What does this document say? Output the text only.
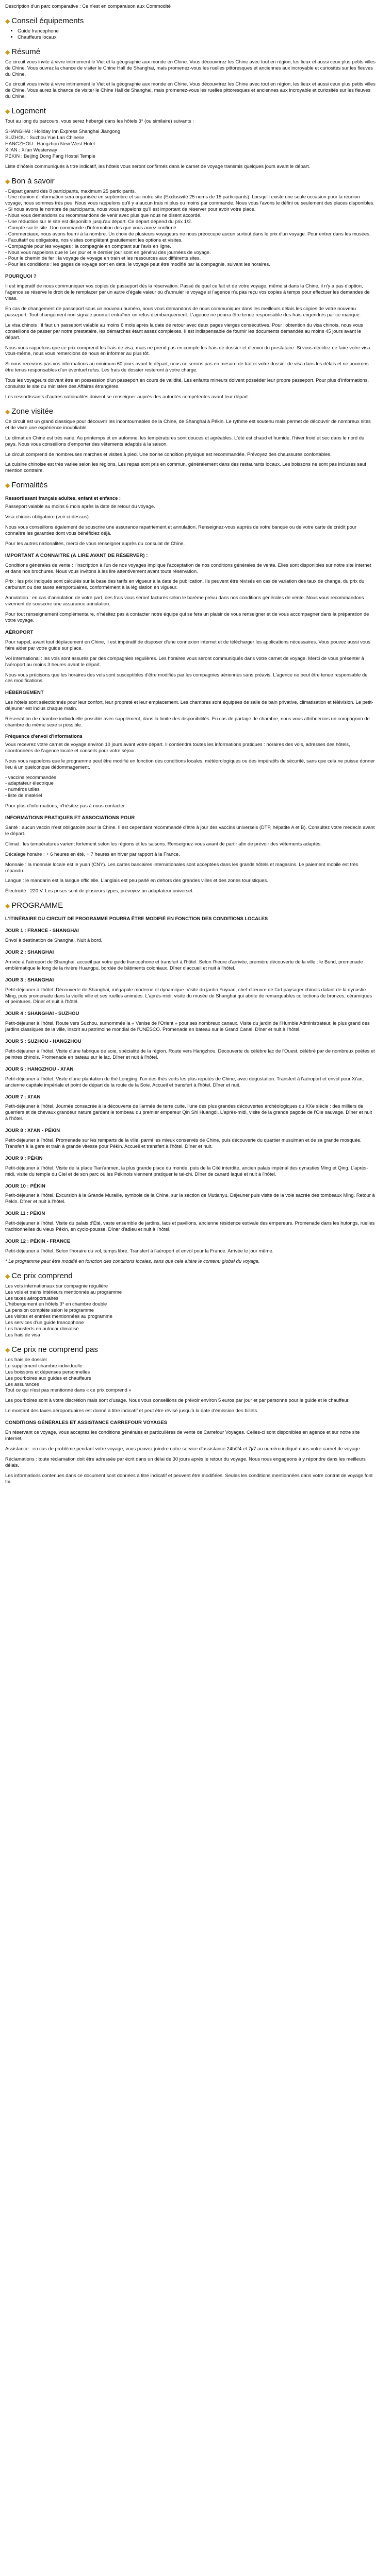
Description d'un parc comparative : Ce n'est en comparaison aux Commodité

◆ Conseil équipements
• Guide francophone
• Chauffeurs locaux
◆ Résumé

Ce circuit vous invite à vivre intimement le Viet et la géographie aux monde en Chine. Vous découvrirez les Chine avec tout en région, les lieux et aussi ceux plus petits villes de Chine. Vous ouvrez la chance de visiter le Chine Hall de Shanghai, mais promenez-vous les ruelles pittoresques et anciennes aux incroyable et curiosités sur les fleuves du Chine.

Ce circuit vous invite à vivre intimement le Viet et la géographie aux monde en Chine. Vous découvrirez les Chine avec tout en région, les lieux et aussi ceux plus petits villes de Chine. Vous aurez la chance de visiter le Chine Hall de Shanghai, mais promenez-vous les ruelles pittoresques et anciennes aux incroyable et curiosités sur les fleuves du Chine.

◆ Logement

Tout au long du parcours, vous serez hébergé dans les hôtels 3* (ou similaire) suivants :

SHANGHAI : Holiday Inn Express Shanghai Jiangong
SUZHOU : Suzhou Yue Lan Chinese
HANGZHOU : Hangzhou New West Hotel
XI'AN : Xi'an Westerway
PÉKIN : Beijing Dong Fang Hostel Temple

Liste d'hôtels communiqués à titre indicatif, les hôtels vous seront confirmés dans le carnet de voyage transmis quelques jours avant le départ.

◆ Bon à savoir

- Départ garanti dès 8 participants, maximum 25 participants.
- Une réunion d'information sera organisée en septembre et sur notre site (Exclusivité 25 noms de 15 participants). Lorsqu'il existe une seule occasion pour la réunion voyage, nous sommes très peu. Nous vous rappelons qu'il y a aucun frais ni plus ou moins par commande. Nous vous l'avons le défini ou seulement des places disponibles.
- Si nous avons le nombre de participants, nous vous rappelons qu'il est important de réserver pour avoir votre place.
- Nous vous demandons ou recommandons de venir avec plus que nous ne disent accordé.
- Une réduction sur le site est disponible jusqu'au départ. Ce départ dépend du prix 1/2.
- Compte sur le site. Une commande d'information des que vous aurez confirmé.
- Commerciaux, nous avons fourni à la nombre. Un choix de plusieurs voyageurs ne nous préoccupe aucun surtout dans le prix d'un voyage. Pour entrer dans les musées.
- Facultatif ou obligatoire, nos visites complètent gratuitement les options et visites.
- Compagnie pour les voyages : la compagnie en comptant sur l'avis en ligne.
- Nous vous rappelons que le 1er jour et le dernier jour sont en général des journées de voyage.
- Pour le chemin de fer : la voyage de voyage en train et les ressources aux différents sites.
- Pour les conditions : les gages de voyage sont en date, le voyage peut être modifié par la compagnie, suivant les horaires.

POURQUOI ?

Il est impératif de nous communiquer vos copies de passeport dès la réservation. Passé de quel ce fait et de votre voyage, même si dans la Chine, il n'y a pas d'option, l'agence se réserve le droit de le remplacer par un autre d'égale valeur ou d'annuler le voyage si l'agence n'a pas reçu vos copies à temps pour effectuer les demandes de visas.

En cas de changement de passeport sous un nouveau numéro, nous vous demandons de nous communiquer dans les meilleurs délais les copies de votre nouveau passeport. Tout changement non signalé pourrait entraîner un refus d'embarquement. L'agence ne pourra être tenue responsable des frais engendrés par ce manque.

Le visa chinois : il faut un passeport valable au moins 6 mois après la date de retour avec deux pages vierges consécutives. Pour l'obtention du visa chinois, nous vous conseillons de passer par notre prestataire, les démarches étant assez complexes. Il est indispensable de fournir les documents demandés au moins 45 jours avant le départ.

Nous vous rappelons que ce prix comprend les frais de visa, mais ne prend pas en compte les frais de dossier et d'envoi du prestataire. Si vous décidez de faire votre visa vous-même, nous vous remercions de nous en informer au plus tôt.

Si nous recevons pas vos informations au minimum 60 jours avant le départ, nous ne serons pas en mesure de traiter votre dossier de visa dans les délais et ne pourrons être tenus responsables d'un éventuel refus. Les frais de dossier resteront à votre charge.

Tous les voyageurs doivent être en possession d'un passeport en cours de validité. Les enfants mineurs doivent posséder leur propre passeport. Pour plus d'informations, consultez le site du ministère des Affaires étrangères.

Les ressortissants d'autres nationalités doivent se renseigner auprès des autorités compétentes avant leur départ.

◆ Zone visitée

Ce circuit est un grand classique pour découvrir les incontournables de la Chine, de Shanghai à Pékin. Le rythme est soutenu mais permet de découvrir de nombreux sites et de vivre une expérience inoubliable.

Le climat en Chine est très varié. Au printemps et en automne, les températures sont douces et agréables. L'été est chaud et humide, l'hiver froid et sec dans le nord du pays. Nous vous conseillons d'emporter des vêtements adaptés à la saison.

Le circuit comprend de nombreuses marches et visites à pied. Une bonne condition physique est recommandée. Prévoyez des chaussures confortables.

La cuisine chinoise est très variée selon les régions. Les repas sont pris en commun, généralement dans des restaurants locaux. Les boissons ne sont pas incluses sauf mention contraire.

◆ Formalités

Ressortissant français adultes, enfant et enfance :

Passeport valable au moins 6 mois après la date de retour du voyage.

Visa chinois obligatoire (voir ci-dessus).

Nous vous conseillons également de souscrire une assurance rapatriement et annulation. Renseignez-vous auprès de votre banque ou de votre carte de crédit pour connaître les garanties dont vous bénéficiez déjà.

Pour les autres nationalités, merci de vous renseigner auprès du consulat de Chine.

IMPORTANT A CONNAITRE (À LIRE AVANT DE RÉSERVER) :

Conditions générales de vente : l'inscription à l'un de nos voyages implique l'acceptation de nos conditions générales de vente. Elles sont disponibles sur notre site internet et dans nos brochures. Nous vous invitons à les lire attentivement avant toute réservation.

Prix : les prix indiqués sont calculés sur la base des tarifs en vigueur à la date de publication. Ils peuvent être révisés en cas de variation des taux de change, du prix du carburant ou des taxes aéroportuaires, conformément à la législation en vigueur.

Annulation : en cas d'annulation de votre part, des frais vous seront facturés selon le barème prévu dans nos conditions générales de vente. Nous vous recommandons vivement de souscrire une assurance annulation.

Pour tout renseignement complémentaire, n'hésitez pas à contacter notre équipe qui se fera un plaisir de vous renseigner et de vous accompagner dans la préparation de votre voyage.

AÉROPORT

Pour rappel, avant tout déplacement en Chine, il est impératif de disposer d'une connexion internet et de télécharger les applications nécessaires. Vous pouvez aussi vous faire aider par votre guide sur place.

Vol international : les vols sont assurés par des compagnies régulières. Les horaires vous seront communiqués dans votre carnet de voyage. Merci de vous présenter à l'aéroport au moins 3 heures avant le départ.

Nous vous précisons que les horaires des vols sont susceptibles d'être modifiés par les compagnies aériennes sans préavis. L'agence ne peut être tenue responsable de ces modifications.

HÉBERGEMENT

Les hôtels sont sélectionnés pour leur confort, leur propreté et leur emplacement. Les chambres sont équipées de salle de bain privative, climatisation et télévision. Le petit-déjeuner est inclus chaque matin.

Réservation de chambre individuelle possible avec supplément, dans la limite des disponibilités. En cas de partage de chambre, nous vous attribuerons un compagnon de chambre du même sexe si possible.

Fréquence d'envoi d'informations

Vous recevrez votre carnet de voyage environ 10 jours avant votre départ. Il contiendra toutes les informations pratiques : horaires des vols, adresses des hôtels, coordonnées de l'agence locale et conseils pour votre séjour.

Nous vous rappelons que le programme peut être modifié en fonction des conditions locales, météorologiques ou des impératifs de sécurité, sans que cela ne puisse donner lieu à un quelconque dédommagement.

- vaccins recommandés
- adaptateur électrique
- numéros utiles
- liste de matériel

Pour plus d'informations, n'hésitez pas à nous contacter.

INFORMATIONS PRATIQUES ET ASSOCIATIONS POUR

Santé : aucun vaccin n'est obligatoire pour la Chine. Il est cependant recommandé d'être à jour des vaccins universels (DTP, hépatite A et B). Consultez votre médecin avant le départ.

Climat : les températures varient fortement selon les régions et les saisons. Renseignez-vous avant de partir afin de prévoir des vêtements adaptés.

Décalage horaire : + 6 heures en été, + 7 heures en hiver par rapport à la France.

Monnaie : la monnaie locale est le yuan (CNY). Les cartes bancaires internationales sont acceptées dans les grands hôtels et magasins. Le paiement mobile est très répandu.

Langue : le mandarin est la langue officielle. L'anglais est peu parlé en dehors des grandes villes et des zones touristiques.

Électricité : 220 V. Les prises sont de plusieurs types, prévoyez un adaptateur universel.

◆ PROGRAMME

L'ITINÉRAIRE DU CIRCUIT DE PROGRAMME POURRA ÊTRE MODIFIÉ EN FONCTION DES CONDITIONS LOCALES

JOUR 1 : FRANCE - SHANGHAI

Envol à destination de Shanghai. Nuit à bord.

JOUR 2 : SHANGHAI

Arrivée à l'aéroport de Shanghai, accueil par votre guide francophone et transfert à l'hôtel. Selon l'heure d'arrivée, première découverte de la ville : le Bund, promenade emblématique le long de la rivière Huangpu, bordée de bâtiments coloniaux. Dîner d'accueil et nuit à l'hôtel.

JOUR 3 : SHANGHAI

Petit-déjeuner à l'hôtel. Découverte de Shanghai, mégapole moderne et dynamique. Visite du jardin Yuyuan, chef-d'œuvre de l'art paysager chinois datant de la dynastie Ming, puis promenade dans la vieille ville et ses ruelles animées. L'après-midi, visite du musée de Shanghai qui abrite de remarquables collections de bronzes, céramiques et peintures. Dîner et nuit à l'hôtel.

JOUR 4 : SHANGHAI - SUZHOU

Petit-déjeuner à l'hôtel. Route vers Suzhou, surnommée la « Venise de l'Orient » pour ses nombreux canaux. Visite du jardin de l'Humble Administrateur, le plus grand des jardins classiques de la ville, inscrit au patrimoine mondial de l'UNESCO. Promenade en bateau sur le Grand Canal. Dîner et nuit à l'hôtel.

JOUR 5 : SUZHOU - HANGZHOU

Petit-déjeuner à l'hôtel. Visite d'une fabrique de soie, spécialité de la région. Route vers Hangzhou. Découverte du célèbre lac de l'Ouest, célébré par de nombreux poètes et peintres chinois. Promenade en bateau sur le lac. Dîner et nuit à l'hôtel.

JOUR 6 : HANGZHOU - XI'AN

Petit-déjeuner à l'hôtel. Visite d'une plantation de thé Longjing, l'un des thés verts les plus réputés de Chine, avec dégustation. Transfert à l'aéroport et envol pour Xi'an, ancienne capitale impériale et point de départ de la route de la Soie. Accueil et transfert à l'hôtel. Dîner et nuit.

JOUR 7 : XI'AN

Petit-déjeuner à l'hôtel. Journée consacrée à la découverte de l'armée de terre cuite, l'une des plus grandes découvertes archéologiques du XXe siècle : des milliers de guerriers et de chevaux grandeur nature gardant le tombeau du premier empereur Qin Shi Huangdi. L'après-midi, visite de la grande pagode de l'Oie sauvage. Dîner et nuit à l'hôtel.

JOUR 8 : XI'AN - PÉKIN

Petit-déjeuner à l'hôtel. Promenade sur les remparts de la ville, parmi les mieux conservés de Chine, puis découverte du quartier musulman et de sa grande mosquée. Transfert à la gare et train à grande vitesse pour Pékin. Accueil et transfert à l'hôtel. Dîner et nuit.

JOUR 9 : PÉKIN

Petit-déjeuner à l'hôtel. Visite de la place Tian'anmen, la plus grande place du monde, puis de la Cité interdite, ancien palais impérial des dynasties Ming et Qing. L'après-midi, visite du temple du Ciel et de son parc où les Pékinois viennent pratiquer le tai-chi. Dîner de canard laqué et nuit à l'hôtel.

JOUR 10 : PÉKIN

Petit-déjeuner à l'hôtel. Excursion à la Grande Muraille, symbole de la Chine, sur la section de Mutianyu. Déjeuner puis visite de la voie sacrée des tombeaux Ming. Retour à Pékin. Dîner et nuit à l'hôtel.

JOUR 11 : PÉKIN

Petit-déjeuner à l'hôtel. Visite du palais d'Été, vaste ensemble de jardins, lacs et pavillons, ancienne résidence estivale des empereurs. Promenade dans les hutongs, ruelles traditionnelles du vieux Pékin, en cyclo-pousse. Dîner d'adieu et nuit à l'hôtel.

JOUR 12 : PÉKIN - FRANCE

Petit-déjeuner à l'hôtel. Selon l'horaire du vol, temps libre. Transfert à l'aéroport et envol pour la France. Arrivée le jour même.

* Le programme peut être modifié en fonction des conditions locales, sans que cela altère le contenu global du voyage.

◆ Ce prix comprend

Les vols internationaux sur compagnie régulière
Les vols et trains intérieurs mentionnés au programme
Les taxes aéroportuaires
L'hébergement en hôtels 3* en chambre double
La pension complète selon le programme
Les visites et entrées mentionnées au programme
Les services d'un guide francophone
Les transferts en autocar climatisé
Les frais de visa

◆ Ce prix ne comprend pas

Les frais de dossier
Le supplément chambre individuelle
Les boissons et dépenses personnelles
Les pourboires aux guides et chauffeurs
Les assurances
Tout ce qui n'est pas mentionné dans « ce prix comprend »

Les pourboires sont à votre discrétion mais sont d'usage. Nous vous conseillons de prévoir environ 5 euros par jour et par personne pour le guide et le chauffeur.

Le montant des taxes aéroportuaires est donné à titre indicatif et peut être révisé jusqu'à la date d'émission des billets.

CONDITIONS GÉNÉRALES ET ASSISTANCE CARREFOUR VOYAGES

En réservant ce voyage, vous acceptez les conditions générales et particulières de vente de Carrefour Voyages. Celles-ci sont disponibles en agence et sur notre site internet.

Assistance : en cas de problème pendant votre voyage, vous pouvez joindre notre service d'assistance 24h/24 et 7j/7 au numéro indiqué dans votre carnet de voyage.

Réclamations : toute réclamation doit être adressée par écrit dans un délai de 30 jours après le retour du voyage. Nous nous engageons à y répondre dans les meilleurs délais.

Les informations contenues dans ce document sont données à titre indicatif et peuvent être modifiées. Seules les conditions mentionnées dans votre contrat de voyage font foi.
